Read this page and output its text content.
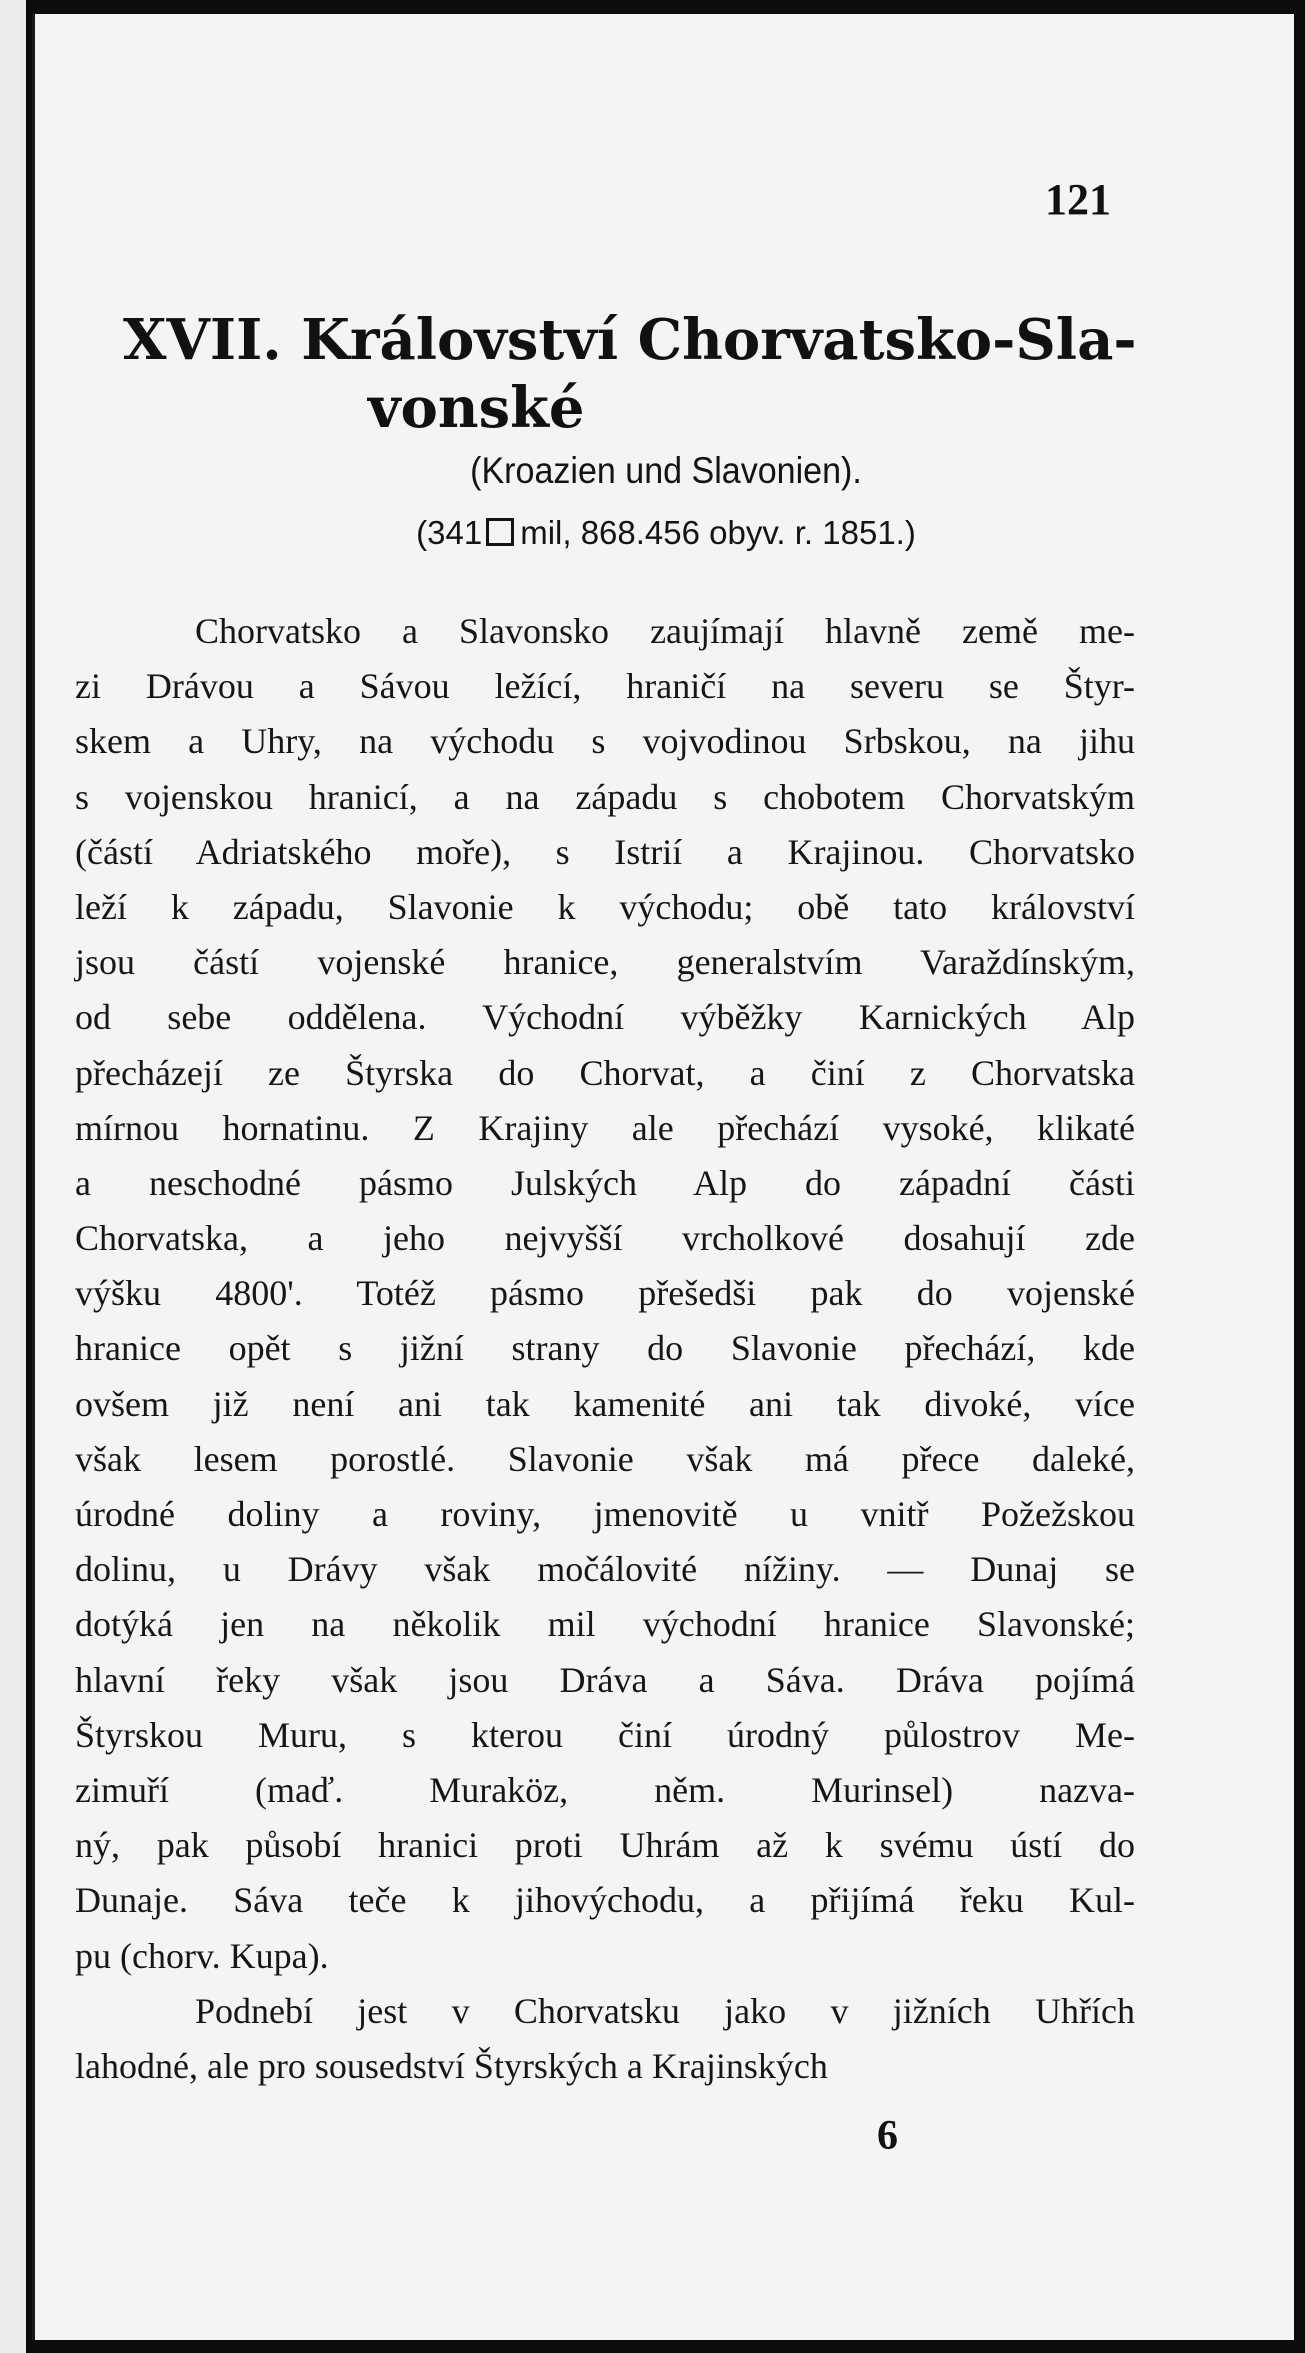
121
XVII. Království Chorvatsko-Sla-
vonské
(Kroazien und Slavonien).
(341 mil, 868.456 obyv. r. 1851.)
Chorvatsko a Slavonsko zaujímají hlavně země me-
zi Drávou a Sávou ležící, hraničí na severu se Štyr-
skem a Uhry, na východu s vojvodinou Srbskou, na jihu
s vojenskou hranicí, a na západu s chobotem Chorvatským
(částí Adriatského moře), s Istrií a Krajinou. Chorvatsko
leží k západu, Slavonie k východu; obě tato království
jsou částí vojenské hranice, generalstvím Varaždínským,
od sebe oddělena. Východní výběžky Karnických Alp
přecházejí ze Štyrska do Chorvat, a činí z Chorvatska
mírnou hornatinu. Z Krajiny ale přechází vysoké, klikaté
a neschodné pásmo Julských Alp do západní části
Chorvatska, a jeho nejvyšší vrcholkové dosahují zde
výšku 4800'. Totéž pásmo přešedši pak do vojenské
hranice opět s jižní strany do Slavonie přechází, kde
ovšem již není ani tak kamenité ani tak divoké, více
však lesem porostlé. Slavonie však má přece daleké,
úrodné doliny a roviny, jmenovitě u vnitř Požežskou
dolinu, u Drávy však močálovité nížiny. — Dunaj se
dotýká jen na několik mil východní hranice Slavonské;
hlavní řeky však jsou Dráva a Sáva. Dráva pojímá
Štyrskou Muru, s kterou činí úrodný půlostrov Me-
zimuří (maď. Muraköz, něm. Murinsel) nazva-
ný, pak působí hranici proti Uhrám až k svému ústí do
Dunaje. Sáva teče k jihovýchodu, a přijímá řeku Kul-
pu (chorv. Kupa).
Podnebí jest v Chorvatsku jako v jižních Uhřích
lahodné, ale pro sousedství Štyrských a Krajinských
6
